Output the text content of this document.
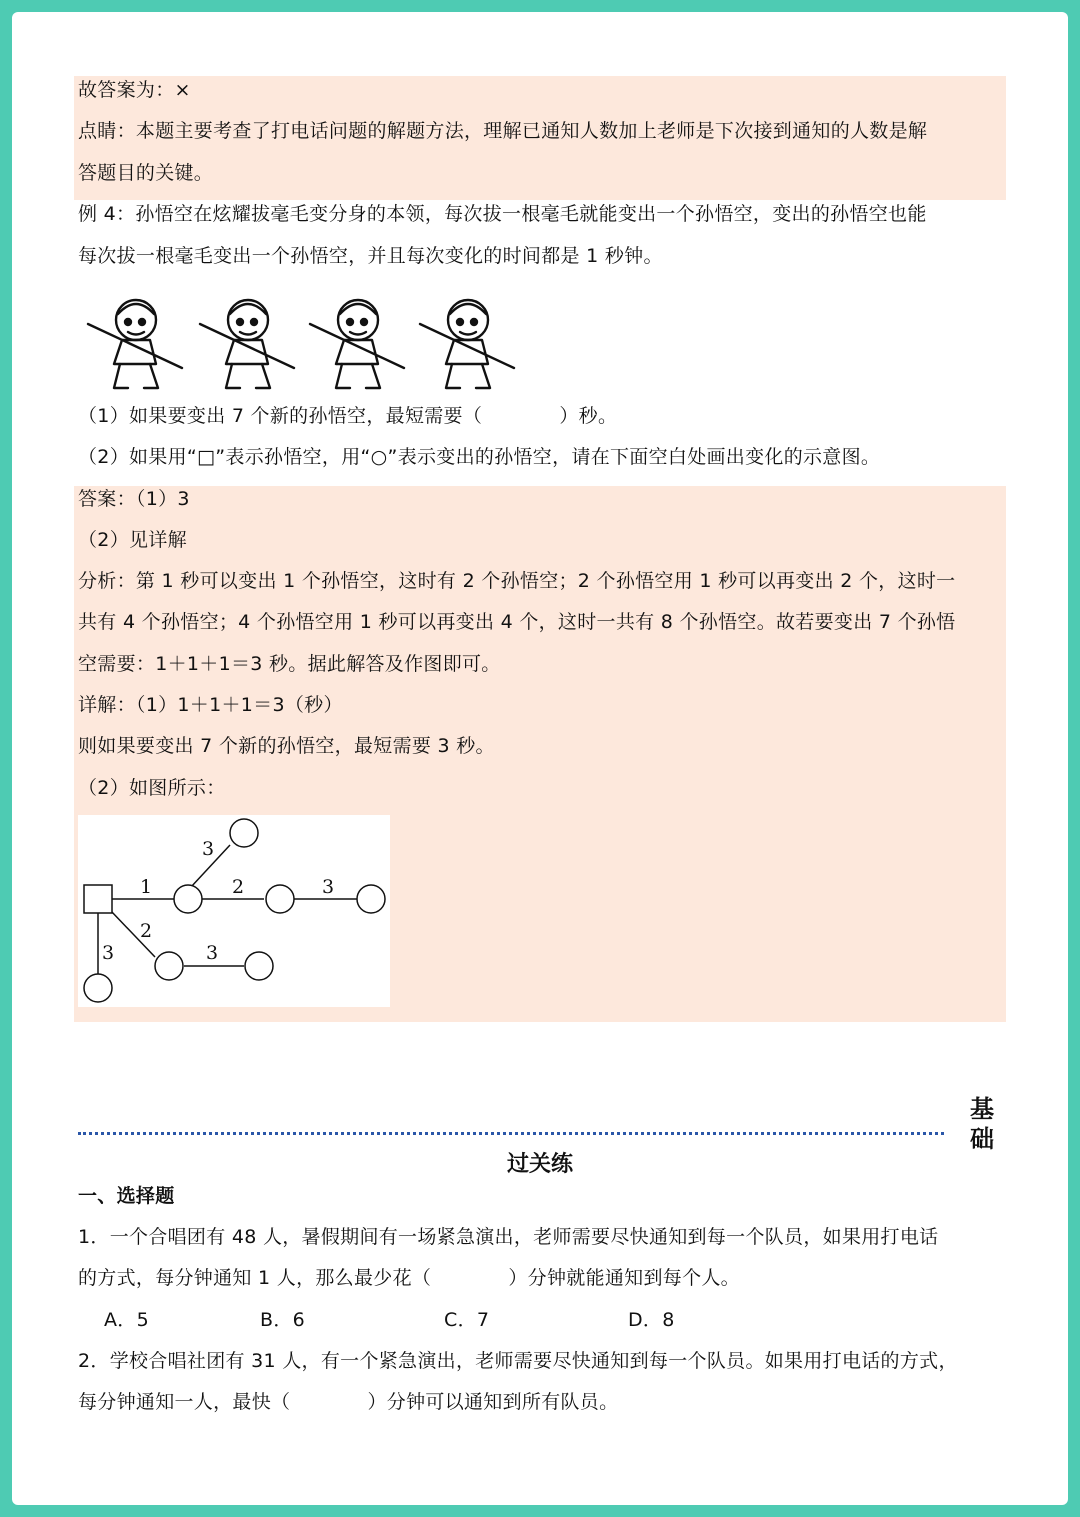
故答案为：×
点睛：本题主要考查了打电话问题的解题方法，理解已通知人数加上老师是下次接到通知的人数是解
答题目的关键。
例 4：孙悟空在炫耀拔毫毛变分身的本领，每次拔一根毫毛就能变出一个孙悟空，变出的孙悟空也能
每次拔一根毫毛变出一个孙悟空，并且每次变化的时间都是 1 秒钟。
（1）如果要变出 7 个新的孙悟空，最短需要（　　　　）秒。
（2）如果用“□”表示孙悟空，用“○”表示变出的孙悟空，请在下面空白处画出变化的示意图。
答案：（1）3
（2）见详解
分析：第 1 秒可以变出 1 个孙悟空，这时有 2 个孙悟空；2 个孙悟空用 1 秒可以再变出 2 个，这时一
共有 4 个孙悟空；4 个孙悟空用 1 秒可以再变出 4 个，这时一共有 8 个孙悟空。故若要变出 7 个孙悟
空需要：1＋1＋1＝3 秒。据此解答及作图即可。
详解：（1）1＋1＋1＝3（秒）
则如果要变出 7 个新的孙悟空，最短需要 3 秒。
（2）如图所示：
1	2	3
3
2
3
3
基
础
过关练
一、选择题
1．一个合唱团有 48 人，暑假期间有一场紧急演出，老师需要尽快通知到每一个队员，如果用打电话
的方式，每分钟通知 1 人，那么最少花（　　　　）分钟就能通知到每个人。
A．5	B．6	C．7	D．8
2．学校合唱社团有 31 人，有一个紧急演出，老师需要尽快通知到每一个队员。如果用打电话的方式，
每分钟通知一人，最快（　　　　）分钟可以通知到所有队员。
